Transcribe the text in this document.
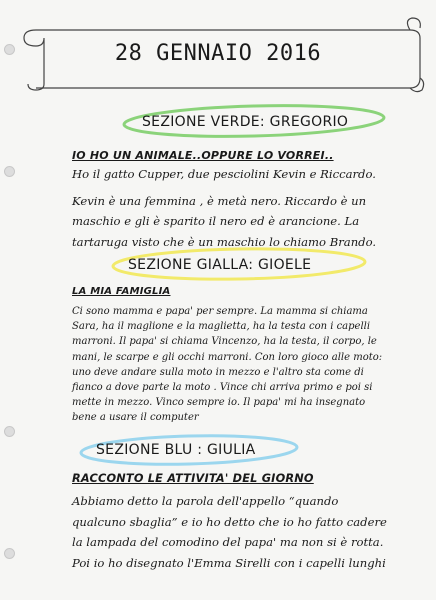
28 GENNAIO 2016
SEZIONE VERDE: GREGORIO
IO HO UN ANIMALE..OPPURE LO VORREI..
Ho il gatto Cupper, due pesciolini Kevin e Riccardo.
Kevin è una femmina , è metà nero. Riccardo è un
maschio e gli è sparito il nero ed è arancione. La
tartaruga visto che è un maschio lo chiamo Brando.
SEZIONE GIALLA: GIOELE
LA MIA FAMIGLIA
Ci sono mamma e papa' per sempre. La mamma si chiama
Sara, ha il maglione e la maglietta, ha la testa con i capelli
marroni. Il papa' si chiama Vincenzo, ha la testa, il corpo, le
mani, le scarpe e gli occhi marroni. Con loro gioco alle moto:
uno deve andare sulla moto in mezzo e l'altro sta come di
fianco a dove parte la moto . Vince chi arriva primo e poi si
mette in mezzo. Vinco sempre io. Il papa' mi ha insegnato
bene a usare il computer
SEZIONE BLU : GIULIA
RACCONTO LE ATTIVITA' DEL GIORNO
Abbiamo detto la parola dell'appello “quando
qualcuno sbaglia” e io ho detto che io ho fatto cadere
la lampada del comodino del papa' ma non si è rotta.
Poi io ho disegnato l'Emma Sirelli con i capelli lunghi
